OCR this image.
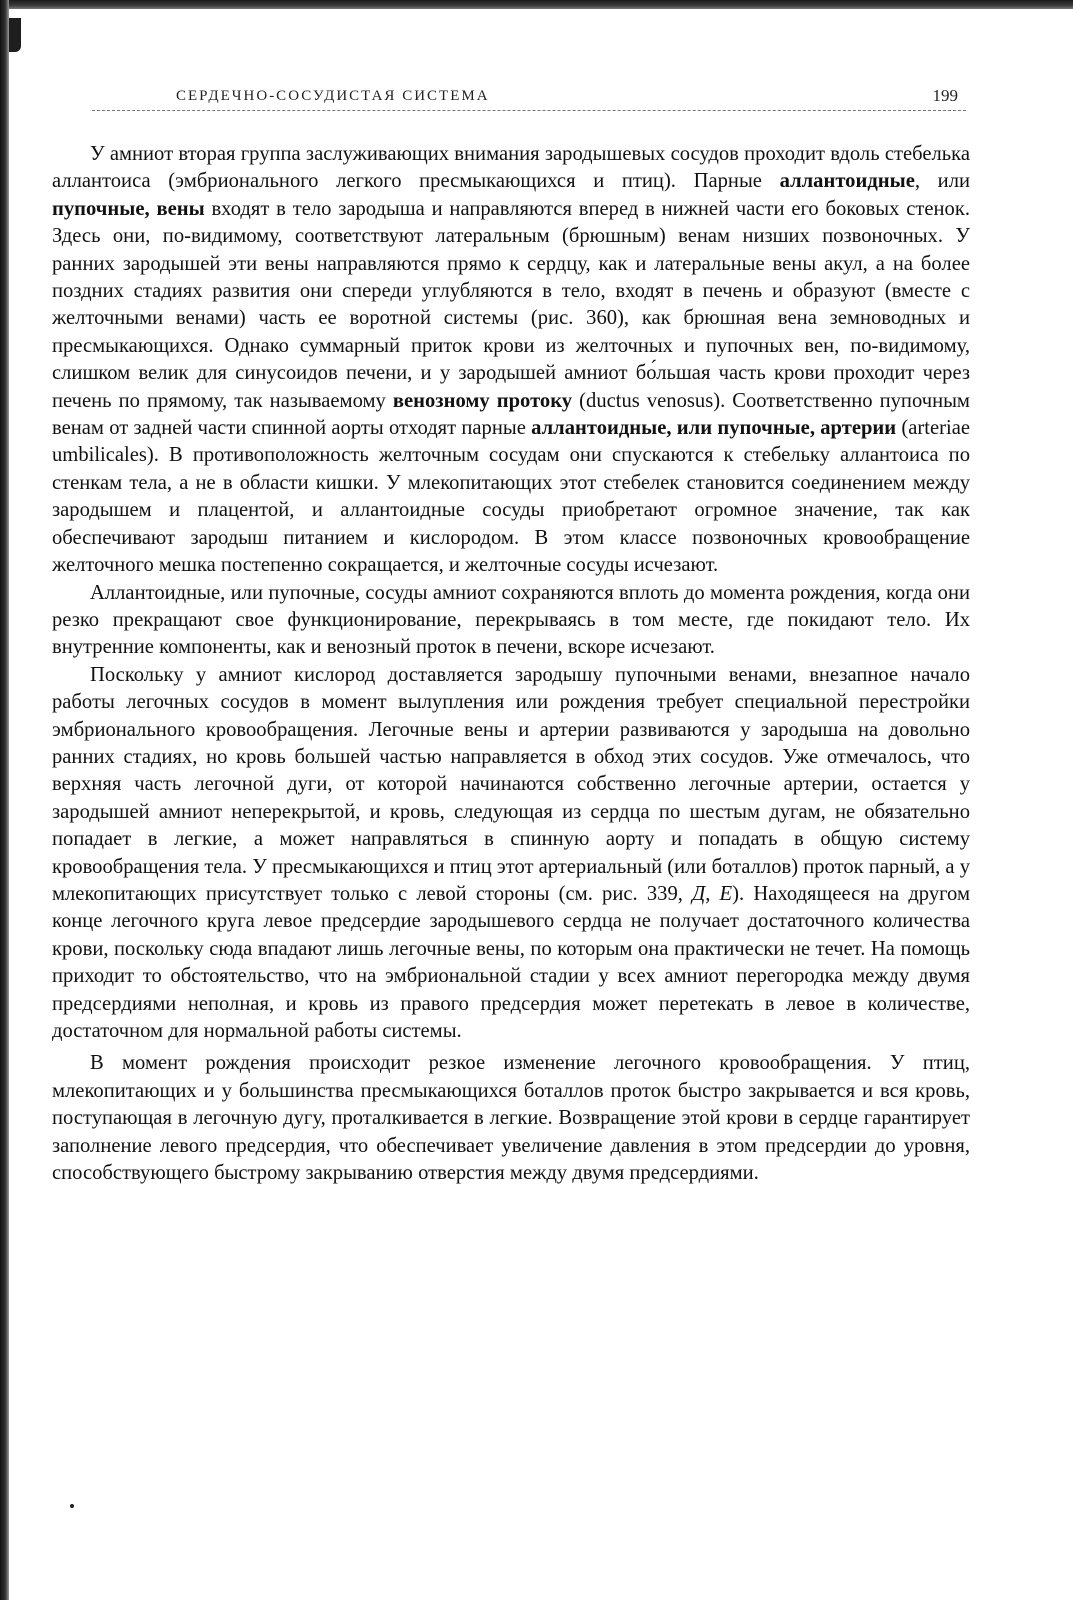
СЕРДЕЧНО-СОСУДИСТАЯ СИСТЕМА	199

У амниот вторая группа заслуживающих внимания зародышевых сосудов проходит вдоль стебелька аллантоиса (эмбрионального легкого пресмыкающихся и птиц). Парные аллантоидные, или пупочные, вены входят в тело зародыша и направляются вперед в нижней части его боковых стенок. Здесь они, по-видимому, соответствуют латеральным (брюшным) венам низших позвоночных. У ранних зародышей эти вены направляются прямо к сердцу, как и латеральные вены акул, а на более поздних стадиях развития они спереди углубляются в тело, входят в печень и образуют (вместе с желточными венами) часть ее воротной системы (рис. 360), как брюшная вена земноводных и пресмыкающихся. Однако суммарный приток крови из желточных и пупочных вен, по-видимому, слишком велик для синусоидов печени, и у зародышей амниот бо́льшая часть крови проходит через печень по прямому, так называемому венозному протоку (ductus venosus). Соответственно пупочным венам от задней части спинной аорты отходят парные аллантоидные, или пупочные, артерии (arteriae umbilicales). В противоположность желточным сосудам они спускаются к стебельку аллантоиса по стенкам тела, а не в области кишки. У млекопитающих этот стебелек становится соединением между зародышем и плацентой, и аллантоидные сосуды приобретают огромное значение, так как обеспечивают зародыш питанием и кислородом. В этом классе позвоночных кровообращение желточного мешка постепенно сокращается, и желточные сосуды исчезают.

Аллантоидные, или пупочные, сосуды амниот сохраняются вплоть до момента рождения, когда они резко прекращают свое функционирование, перекрываясь в том месте, где покидают тело. Их внутренние компоненты, как и венозный проток в печени, вскоре исчезают.

Поскольку у амниот кислород доставляется зародышу пупочными венами, внезапное начало работы легочных сосудов в момент вылупления или рождения требует специальной перестройки эмбрионального кровообращения. Легочные вены и артерии развиваются у зародыша на довольно ранних стадиях, но кровь большей частью направляется в обход этих сосудов. Уже отмечалось, что верхняя часть легочной дуги, от которой начинаются собственно легочные артерии, остается у зародышей амниот неперекрытой, и кровь, следующая из сердца по шестым дугам, не обязательно попадает в легкие, а может направляться в спинную аорту и попадать в общую систему кровообращения тела. У пресмыкающихся и птиц этот артериальный (или боталлов) проток парный, а у млекопитающих присутствует только с левой стороны (см. рис. 339, Д, Е). Находящееся на другом конце легочного круга левое предсердие зародышевого сердца не получает достаточного количества крови, поскольку сюда впадают лишь легочные вены, по которым она практически не течет. На помощь приходит то обстоятельство, что на эмбриональной стадии у всех амниот перегородка между двумя предсердиями неполная, и кровь из правого предсердия может перетекать в левое в количестве, достаточном для нормальной работы системы.

В момент рождения происходит резкое изменение легочного кровообращения. У птиц, млекопитающих и у большинства пресмыкающихся боталлов проток быстро закрывается и вся кровь, поступающая в легочную дугу, проталкивается в легкие. Возвращение этой крови в сердце гарантирует заполнение левого предсердия, что обеспечивает увеличение давления в этом предсердии до уровня, способствующего быстрому закрыванию отверстия между двумя предсердиями.
